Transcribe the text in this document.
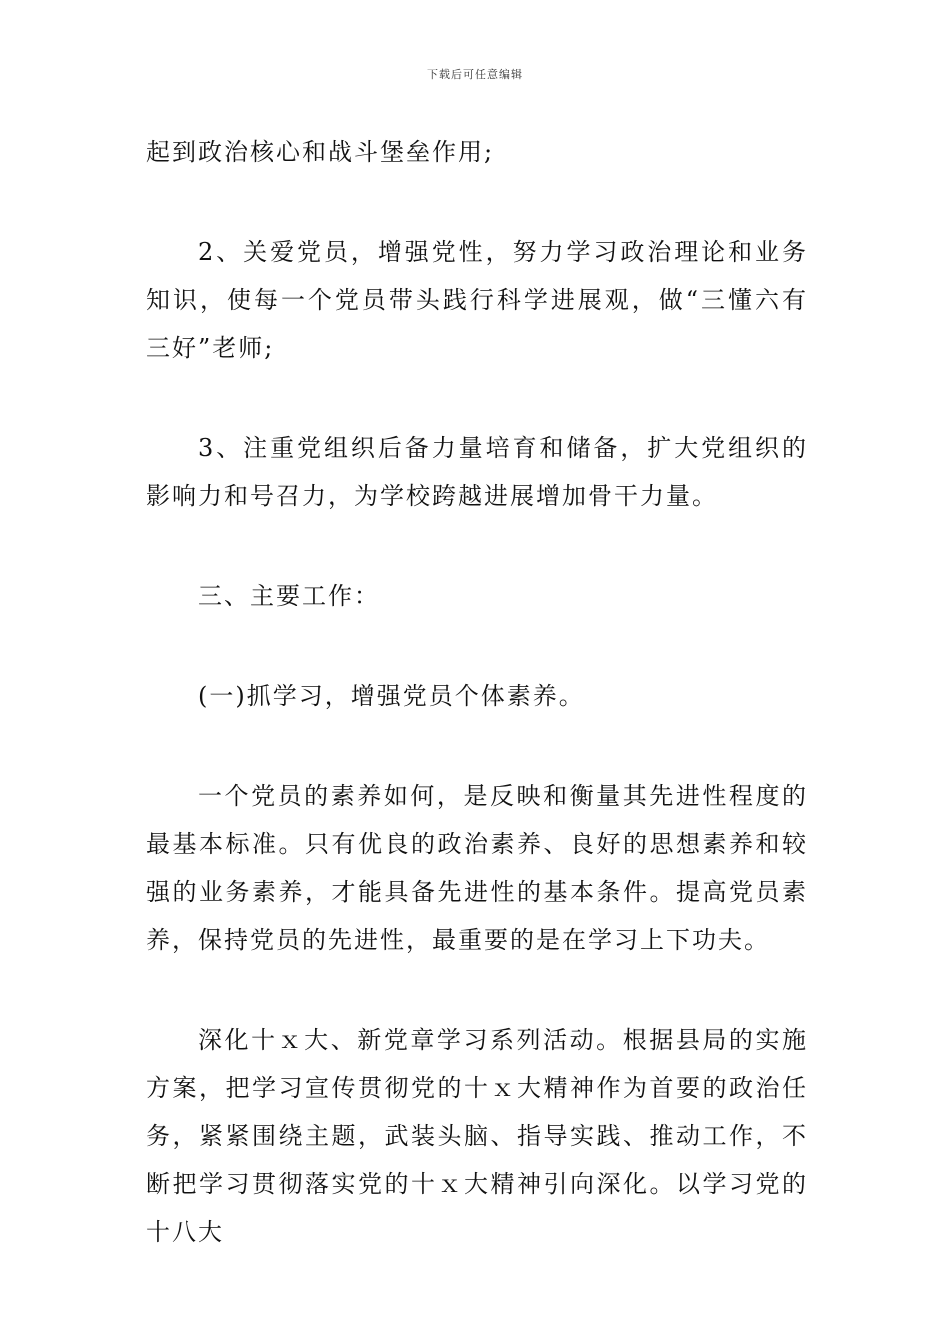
下载后可任意编辑

起到政治核心和战斗堡垒作用;

2、关爱党员，增强党性，努力学习政治理论和业务知识，使每一个党员带头践行科学进展观，做“三懂六有三好”老师;

3、注重党组织后备力量培育和储备，扩大党组织的影响力和号召力，为学校跨越进展增加骨干力量。

三、主要工作：

(一)抓学习，增强党员个体素养。

一个党员的素养如何，是反映和衡量其先进性程度的最基本标准。只有优良的政治素养、良好的思想素养和较强的业务素养，才能具备先进性的基本条件。提高党员素养，保持党员的先进性，最重要的是在学习上下功夫。

深化十ｘ大、新党章学习系列活动。根据县局的实施方案，把学习宣传贯彻党的十ｘ大精神作为首要的政治任务，紧紧围绕主题，武装头脑、指导实践、推动工作，不断把学习贯彻落实党的十ｘ大精神引向深化。以学习党的十八大
